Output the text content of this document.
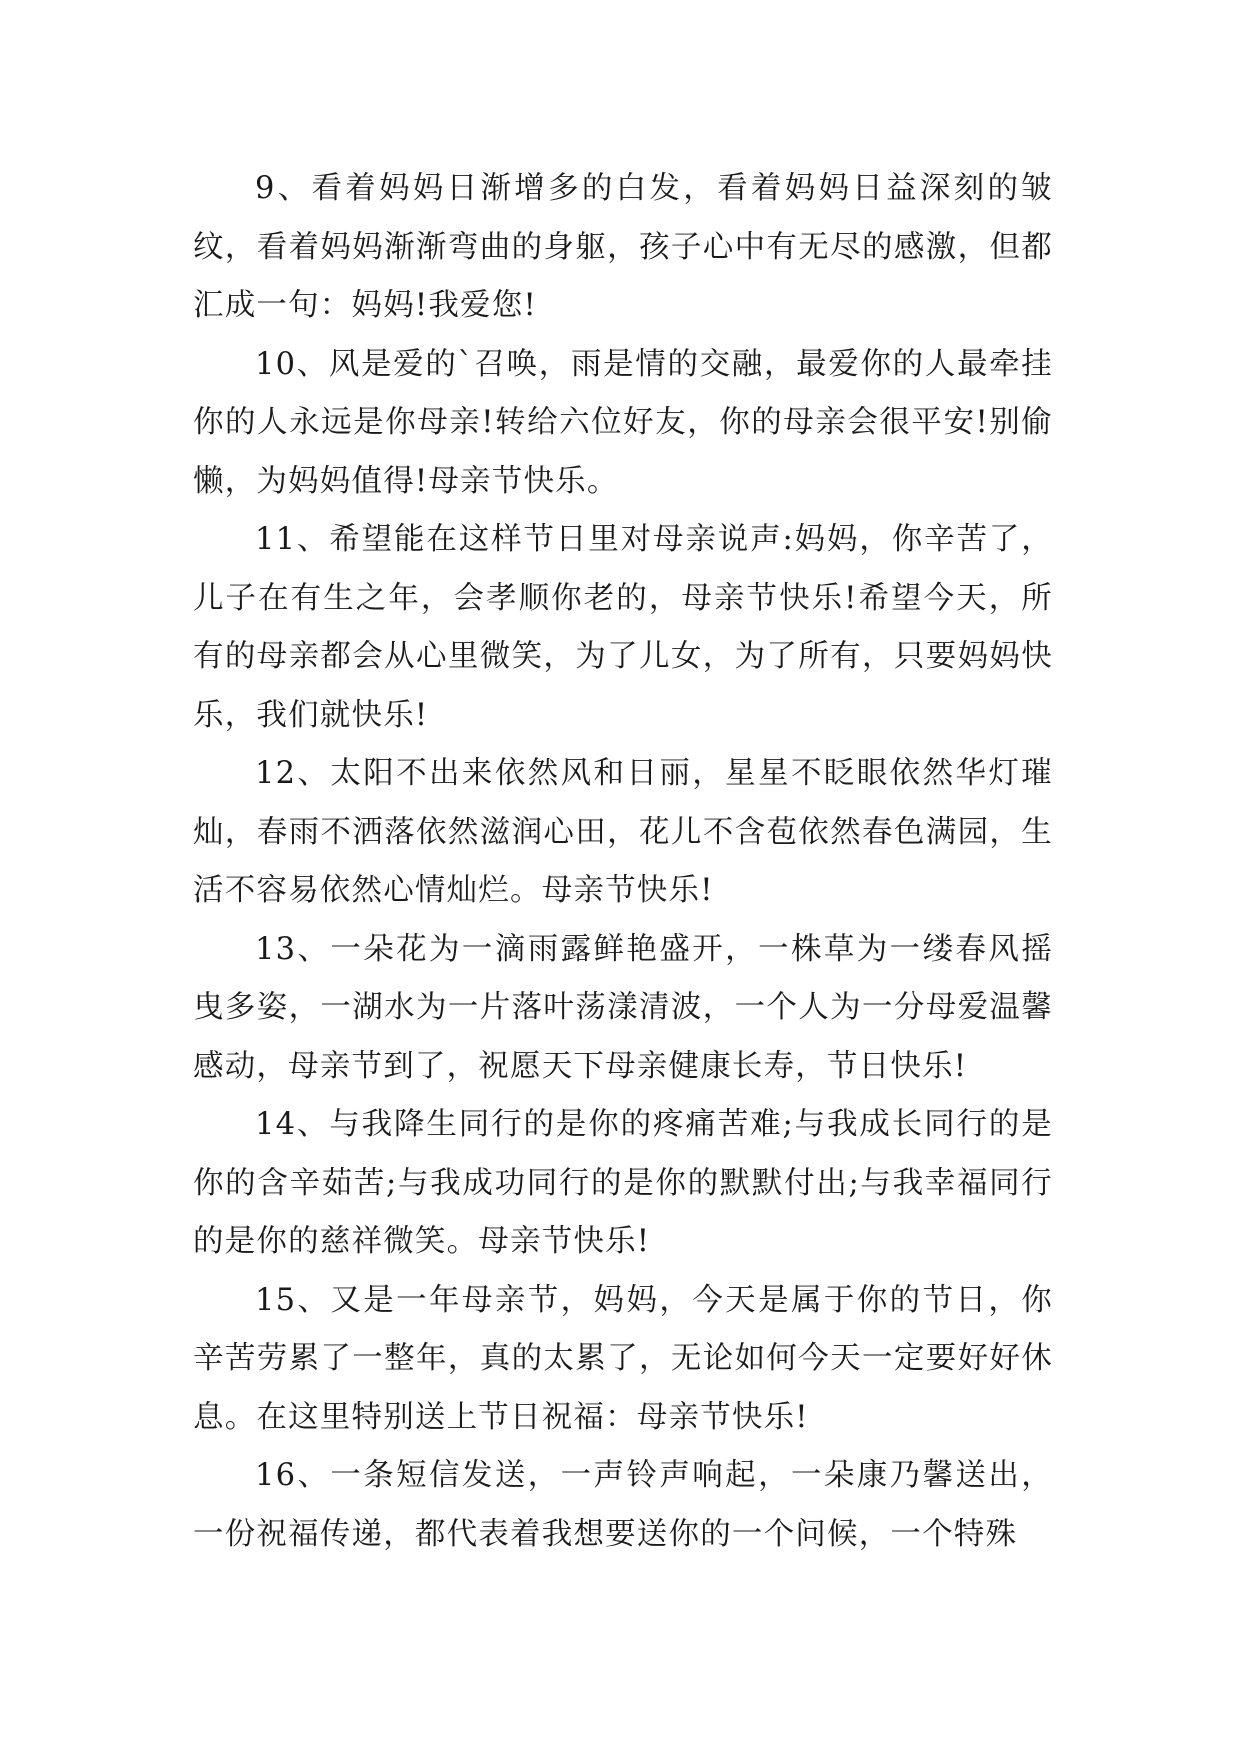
9、看着妈妈日渐增多的白发，看着妈妈日益深刻的皱纹，看着妈妈渐渐弯曲的身躯，孩子心中有无尽的感激，但都汇成一句：妈妈!我爱您!

10、风是爱的`召唤，雨是情的交融，最爱你的人最牵挂你的人永远是你母亲!转给六位好友，你的母亲会很平安!别偷懒，为妈妈值得!母亲节快乐。

11、希望能在这样节日里对母亲说声:妈妈，你辛苦了，儿子在有生之年，会孝顺你老的，母亲节快乐!希望今天，所有的母亲都会从心里微笑，为了儿女，为了所有，只要妈妈快乐，我们就快乐!

12、太阳不出来依然风和日丽，星星不眨眼依然华灯璀灿，春雨不洒落依然滋润心田，花儿不含苞依然春色满园，生活不容易依然心情灿烂。母亲节快乐!

13、一朵花为一滴雨露鲜艳盛开，一株草为一缕春风摇曳多姿，一湖水为一片落叶荡漾清波，一个人为一分母爱温馨感动，母亲节到了，祝愿天下母亲健康长寿，节日快乐!

14、与我降生同行的是你的疼痛苦难;与我成长同行的是你的含辛茹苦;与我成功同行的是你的默默付出;与我幸福同行的是你的慈祥微笑。母亲节快乐!

15、又是一年母亲节，妈妈，今天是属于你的节日，你辛苦劳累了一整年，真的太累了，无论如何今天一定要好好休息。在这里特别送上节日祝福：母亲节快乐!

16、一条短信发送，一声铃声响起，一朵康乃馨送出，一份祝福传递，都代表着我想要送你的一个问候，一个特殊
